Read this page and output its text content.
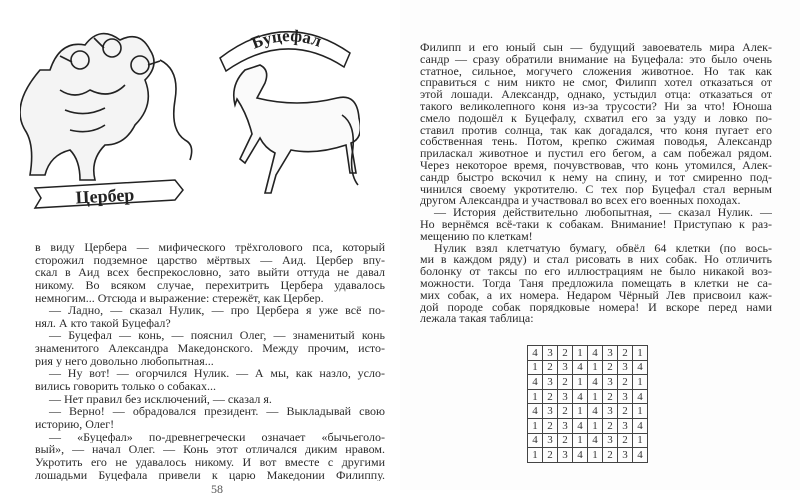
Цербер
Буцефал
в виду Цербера — мифического трёхголового пса, который
сторожил подземное царство мёртвых — Аид. Цербер впу-
скал в Аид всех беспрекословно, зато выйти оттуда не давал
никому. Во всяком случае, перехитрить Цербера удавалось
немногим... Отсюда и выражение: стережёт, как Цербер.
— Ладно, — сказал Нулик, — про Цербера я уже всё по-
нял. А кто такой Буцефал?
— Буцефал — конь, — пояснил Олег, — знаменитый конь
знаменитого Александра Македонского. Между прочим, исто-
рия у него довольно любопытная...
— Ну вот! — огорчился Нулик. — А мы, как назло, усло-
вились говорить только о собаках...
— Нет правил без исключений, — сказал я.
— Верно! — обрадовался президент. — Выкладывай свою
историю, Олег!
— «Буцефал» по-древнегречески означает «бычьеголо-
вый», — начал Олег. — Конь этот отличался диким нравом.
Укротить его не удавалось никому. И вот вместе с другими
лошадьми Буцефала привели к царю Македонии Филиппу.
58
Филипп и его юный сын — будущий завоеватель мира Алек-
сандр — сразу обратили внимание на Буцефала: это было очень
статное, сильное, могучего сложения животное. Но так как
справиться с ним никто не смог, Филипп хотел отказаться от
этой лошади. Александр, однако, устыдил отца: отказаться от
такого великолепного коня из-за трусости? Ни за что! Юноша
смело подошёл к Буцефалу, схватил его за узду и ловко по-
ставил против солнца, так как догадался, что коня пугает его
собственная тень. Потом, крепко сжимая поводья, Александр
приласкал животное и пустил его бегом, а сам побежал рядом.
Через некоторое время, почувствовав, что конь утомился, Алек-
сандр быстро вскочил к нему на спину, и тот смиренно под-
чинился своему укротителю. С тех пор Буцефал стал верным
другом Александра и участвовал во всех его военных походах.
— История действительно любопытная, — сказал Нулик. —
Но вернёмся всё-таки к собакам. Внимание! Приступаю к раз-
мещению по клеткам!
Нулик взял клетчатую бумагу, обвёл 64 клетки (по вось-
ми в каждом ряду) и стал рисовать в них собак. Но отличить
болонку от таксы по его иллюстрациям не было никакой воз-
можности. Тогда Таня предложила помещать в клетки не са-
мих собак, а их номера. Недаром Чёрный Лев присвоил каж-
дой породе собак порядковые номера! И вскоре перед нами
лежала такая таблица:
4	3	2	1	4	3	2	1
1	2	3	4	1	2	3	4
4	3	2	1	4	3	2	1
1	2	3	4	1	2	3	4
4	3	2	1	4	3	2	1
1	2	3	4	1	2	3	4
4	3	2	1	4	3	2	1
1	2	3	4	1	2	3	4
